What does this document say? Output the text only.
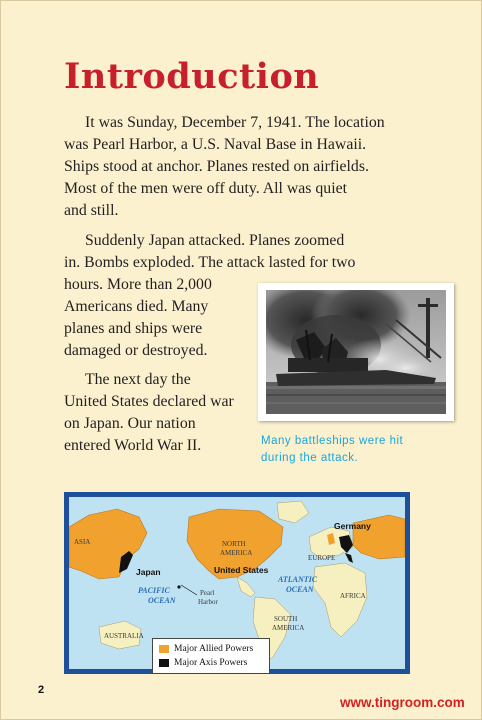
Introduction

It was Sunday, December 7, 1941. The location

was Pearl Harbor, a U.S. Naval Base in Hawaii.

Ships stood at anchor. Planes rested on airfields.

Most of the men were off duty. All was quiet

and still.

Suddenly Japan attacked. Planes zoomed

in. Bombs exploded. The attack lasted for two

hours. More than 2,000

Americans died. Many

planes and ships were

damaged or destroyed.

The next day the

United States declared war

on Japan. Our nation

entered World War II.	Many battleships were hit

during the attack.

ASIA	NORTH
AMERICA
Germany
EUROPE
Japan	United States
PACIFIC
OCEAN
Pearl
Harbor
ATLANTIC
OCEAN
AFRICA
AUSTRALIA
SOUTH
AMERICA
Major Allied Powers
Major Axis Powers
2
www.tingroom.com
